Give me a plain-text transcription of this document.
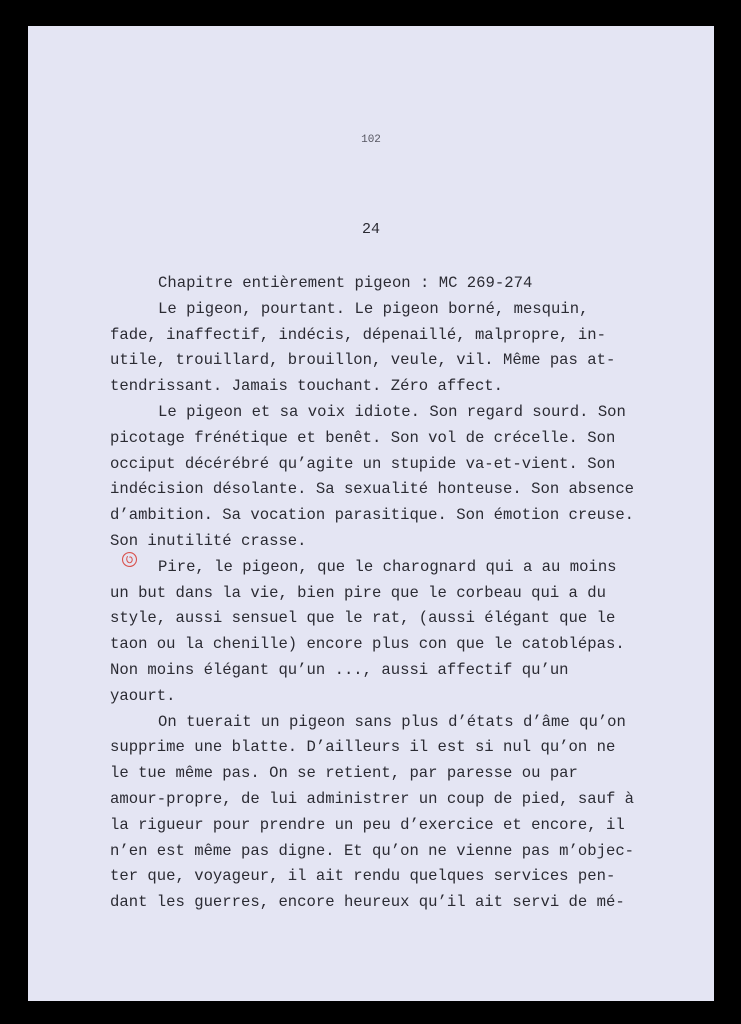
102
24

Chapitre entièrement pigeon : MC 269-274

Le pigeon, pourtant. Le pigeon borné, mesquin,
fade, inaffectif, indécis, dépenaillé, malpropre, in-
utile, trouillard, brouillon, veule, vil. Même pas at-
tendrissant. Jamais touchant. Zéro affect.

Le pigeon et sa voix idiote. Son regard sourd. Son
picotage frénétique et benêt. Son vol de crécelle. Son
occiput décérébré qu’agite un stupide va-et-vient. Son
indécision désolante. Sa sexualité honteuse. Son absence
d’ambition. Sa vocation parasitique. Son émotion creuse.
Son inutilité crasse.

Pire, le pigeon, que le charognard qui a au moins
un but dans la vie, bien pire que le corbeau qui a du
style, aussi sensuel que le rat, (aussi élégant que le
taon ou la chenille) encore plus con que le catoblépas.
Non moins élégant qu’un ..., aussi affectif qu’un
yaourt.

On tuerait un pigeon sans plus d’états d’âme qu’on
supprime une blatte. D’ailleurs il est si nul qu’on ne
le tue même pas. On se retient, par paresse ou par
amour-propre, de lui administrer un coup de pied, sauf à
la rigueur pour prendre un peu d’exercice et encore, il
n’en est même pas digne. Et qu’on ne vienne pas m’objec-
ter que, voyageur, il ait rendu quelques services pen-
dant les guerres, encore heureux qu’il ait servi de mé-
